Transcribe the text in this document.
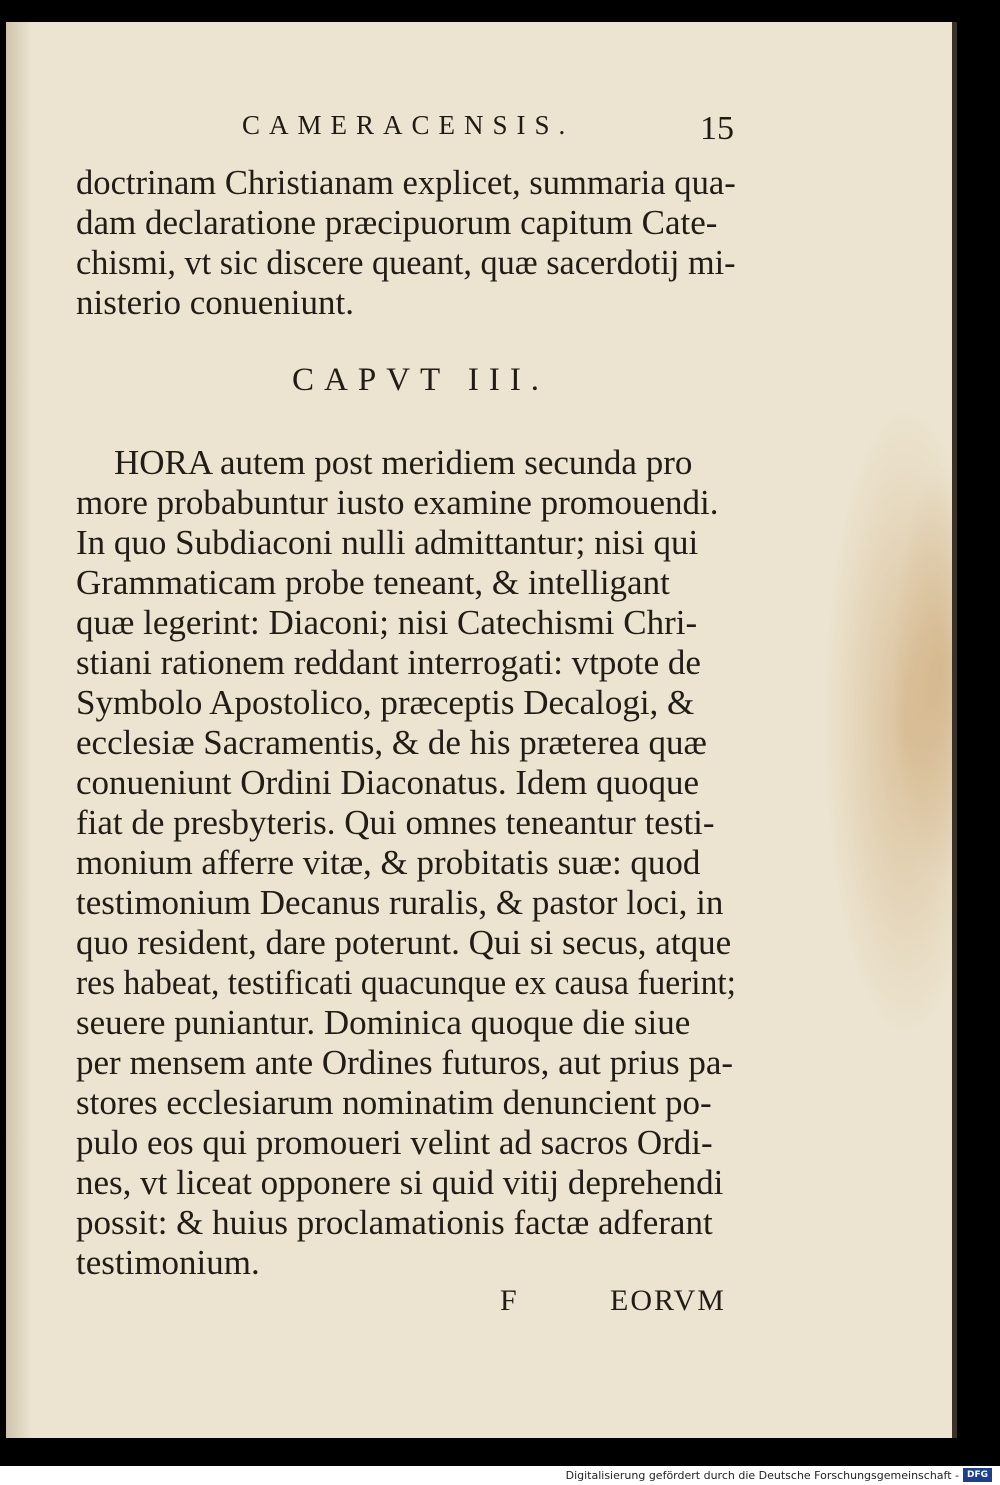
CAMERACENSIS.	15
doctrinam Christianam explicet, summaria qua-
dam declaratione præcipuorum capitum Cate-
chismi, vt sic discere queant, quæ sacerdotij mi-
nisterio conueniunt.
CAPVT III.
HORA autem post meridiem secunda pro
more probabuntur iusto examine promouendi.
In quo Subdiaconi nulli admittantur; nisi qui
Grammaticam probe teneant, & intelligant
quæ legerint: Diaconi; nisi Catechismi Chri-
stiani rationem reddant interrogati: vtpote de
Symbolo Apostolico, præceptis Decalogi, &
ecclesiæ Sacramentis, & de his præterea quæ
conueniunt Ordini Diaconatus. Idem quoque
fiat de presbyteris. Qui omnes teneantur testi-
monium afferre vitæ, & probitatis suæ: quod
testimonium Decanus ruralis, & pastor loci, in
quo resident, dare poterunt. Qui si secus, atque
res habeat, testificati quacunque ex causa fuerint;
seuere puniantur. Dominica quoque die siue
per mensem ante Ordines futuros, aut prius pa-
stores ecclesiarum nominatim denuncient po-
pulo eos qui promoueri velint ad sacros Ordi-
nes, vt liceat opponere si quid vitij deprehendi
possit: & huius proclamationis factæ adferant
testimonium.
F	EORVM
Digitalisierung gefördert durch die Deutsche Forschungsgemeinschaft - DFG
